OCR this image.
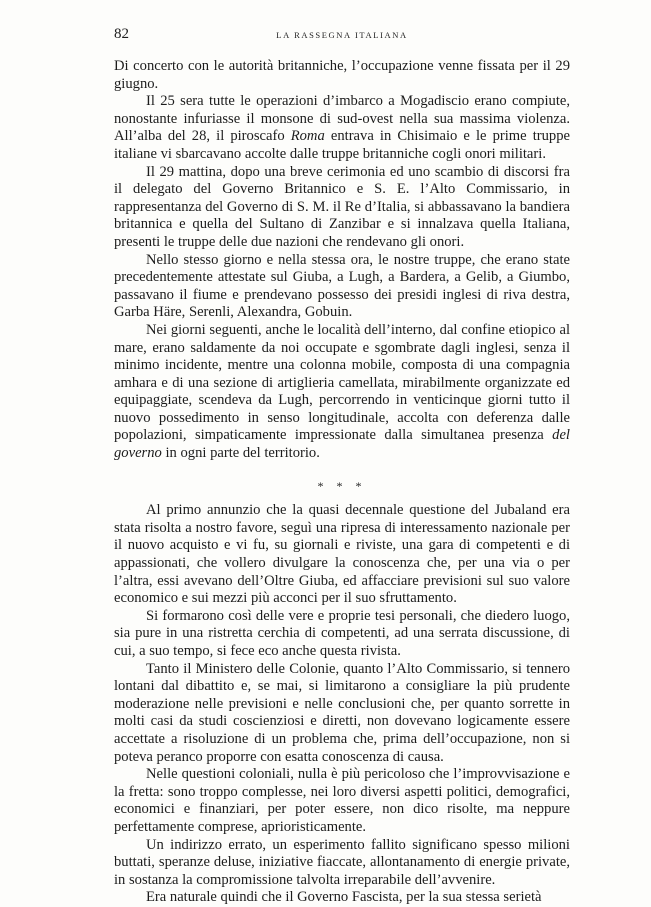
82	LA RASSEGNA ITALIANA

Di concerto con le autorità britanniche, l’occupazione venne fissata per il 29 giugno.

Il 25 sera tutte le operazioni d’imbarco a Mogadiscio erano compiute, nonostante infuriasse il monsone di sud-ovest nella sua massima violenza. All’alba del 28, il piroscafo Roma entrava in Chisimaio e le prime truppe italiane vi sbarcavano accolte dalle truppe britanniche cogli onori militari.

Il 29 mattina, dopo una breve cerimonia ed uno scambio di discorsi fra il delegato del Governo Britannico e S. E. l’Alto Commissario, in rappresentanza del Governo di S. M. il Re d’Italia, si abbassavano la bandiera britannica e quella del Sultano di Zanzibar e si innalzava quella Italiana, presenti le truppe delle due nazioni che rendevano gli onori.

Nello stesso giorno e nella stessa ora, le nostre truppe, che erano state precedentemente attestate sul Giuba, a Lugh, a Bardera, a Gelib, a Giumbo, passavano il fiume e prendevano possesso dei presidi inglesi di riva destra, Garba Häre, Serenli, Alexandra, Gobuin.

Nei giorni seguenti, anche le località dell’interno, dal confine etiopico al mare, erano saldamente da noi occupate e sgombrate dagli inglesi, senza il minimo incidente, mentre una colonna mobile, composta di una compagnia amhara e di una sezione di artiglieria camellata, mirabilmente organizzate ed equipaggiate, scendeva da Lugh, percorrendo in venticinque giorni tutto il nuovo possedimento in senso longitudinale, accolta con deferenza dalle popolazioni, simpaticamente impressionate dalla simultanea presenza del governo in ogni parte del territorio.

* * *

Al primo annunzio che la quasi decennale questione del Jubaland era stata risolta a nostro favore, seguì una ripresa di interessamento nazionale per il nuovo acquisto e vi fu, su giornali e riviste, una gara di competenti e di appassionati, che vollero divulgare la conoscenza che, per una via o per l’altra, essi avevano dell’Oltre Giuba, ed affacciare previsioni sul suo valore economico e sui mezzi più acconci per il suo sfruttamento.

Si formarono così delle vere e proprie tesi personali, che diedero luogo, sia pure in una ristretta cerchia di competenti, ad una serrata discussione, di cui, a suo tempo, si fece eco anche questa rivista.

Tanto il Ministero delle Colonie, quanto l’Alto Commissario, si tennero lontani dal dibattito e, se mai, si limitarono a consigliare la più prudente moderazione nelle previsioni e nelle conclusioni che, per quanto sorrette in molti casi da studi coscienziosi e diretti, non dovevano logicamente essere accettate a risoluzione di un problema che, prima dell’occupazione, non si poteva peranco proporre con esatta conoscenza di causa.

Nelle questioni coloniali, nulla è più pericoloso che l’improvvisazione e la fretta: sono troppo complesse, nei loro diversi aspetti politici, demografici, economici e finanziari, per poter essere, non dico risolte, ma neppure perfettamente comprese, aprioristicamente.

Un indirizzo errato, un esperimento fallito significano spesso milioni buttati, speranze deluse, iniziative fiaccate, allontanamento di energie private, in sostanza la compromissione talvolta irreparabile dell’avvenire.

Era naturale quindi che il Governo Fascista, per la sua stessa serietà
